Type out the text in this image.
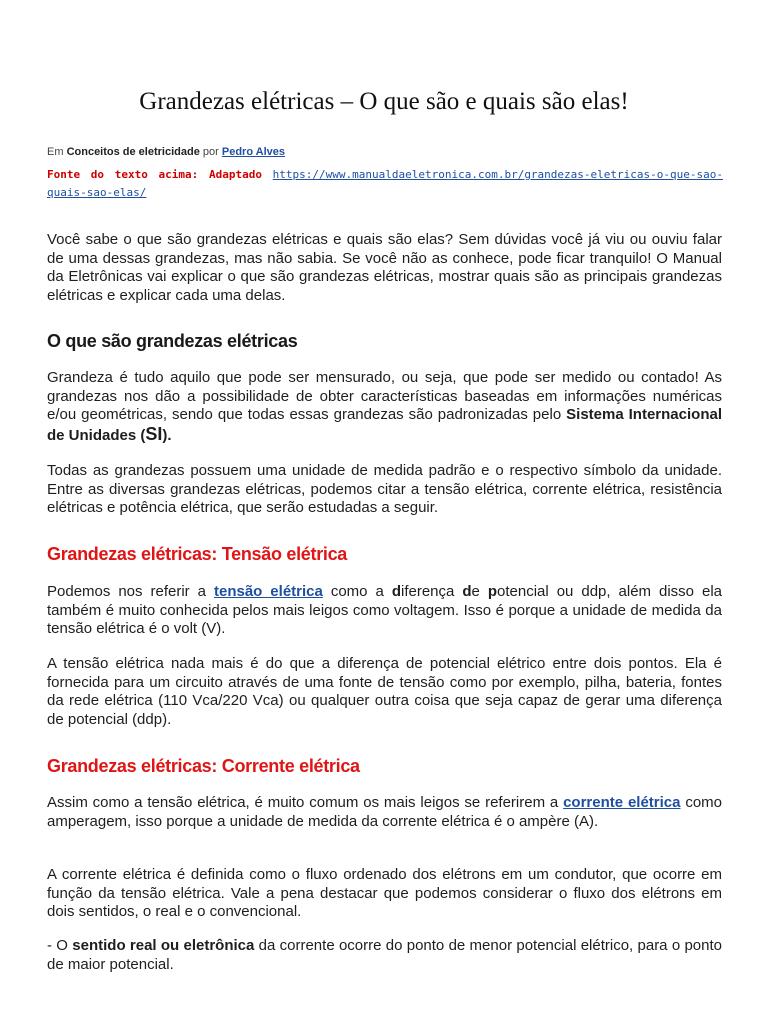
Grandezas elétricas – O que são e quais são elas!

Em Conceitos de eletricidade por Pedro Alves

Fonte do texto acima: Adaptado https://www.manualdaeletronica.com.br/grandezas-eletricas-o-que-sao-quais-sao-elas/

Você sabe o que são grandezas elétricas e quais são elas? Sem dúvidas você já viu ou ouviu falar de uma dessas grandezas, mas não sabia. Se você não as conhece, pode ficar tranquilo! O Manual da Eletrônicas vai explicar o que são grandezas elétricas, mostrar quais são as principais grandezas elétricas e explicar cada uma delas.

O que são grandezas elétricas

Grandeza é tudo aquilo que pode ser mensurado, ou seja, que pode ser medido ou contado! As grandezas nos dão a possibilidade de obter características baseadas em informações numéricas e/ou geométricas, sendo que todas essas grandezas são padronizadas pelo Sistema Internacional de Unidades (SI).

Todas as grandezas possuem uma unidade de medida padrão e o respectivo símbolo da unidade. Entre as diversas grandezas elétricas, podemos citar a tensão elétrica, corrente elétrica, resistência elétricas e potência elétrica, que serão estudadas a seguir.

Grandezas elétricas: Tensão elétrica

Podemos nos referir a tensão elétrica como a diferença de potencial ou ddp, além disso ela também é muito conhecida pelos mais leigos como voltagem. Isso é porque a unidade de medida da tensão elétrica é o volt (V).

A tensão elétrica nada mais é do que a diferença de potencial elétrico entre dois pontos. Ela é fornecida para um circuito através de uma fonte de tensão como por exemplo, pilha, bateria, fontes da rede elétrica (110 Vca/220 Vca) ou qualquer outra coisa que seja capaz de gerar uma diferença de potencial (ddp).

Grandezas elétricas: Corrente elétrica

Assim como a tensão elétrica, é muito comum os mais leigos se referirem a corrente elétrica como amperagem, isso porque a unidade de medida da corrente elétrica é o ampère (A).

A corrente elétrica é definida como o fluxo ordenado dos elétrons em um condutor, que ocorre em função da tensão elétrica. Vale a pena destacar que podemos considerar o fluxo dos elétrons em dois sentidos, o real e o convencional.

- O sentido real ou eletrônica da corrente ocorre do ponto de menor potencial elétrico, para o ponto de maior potencial.
